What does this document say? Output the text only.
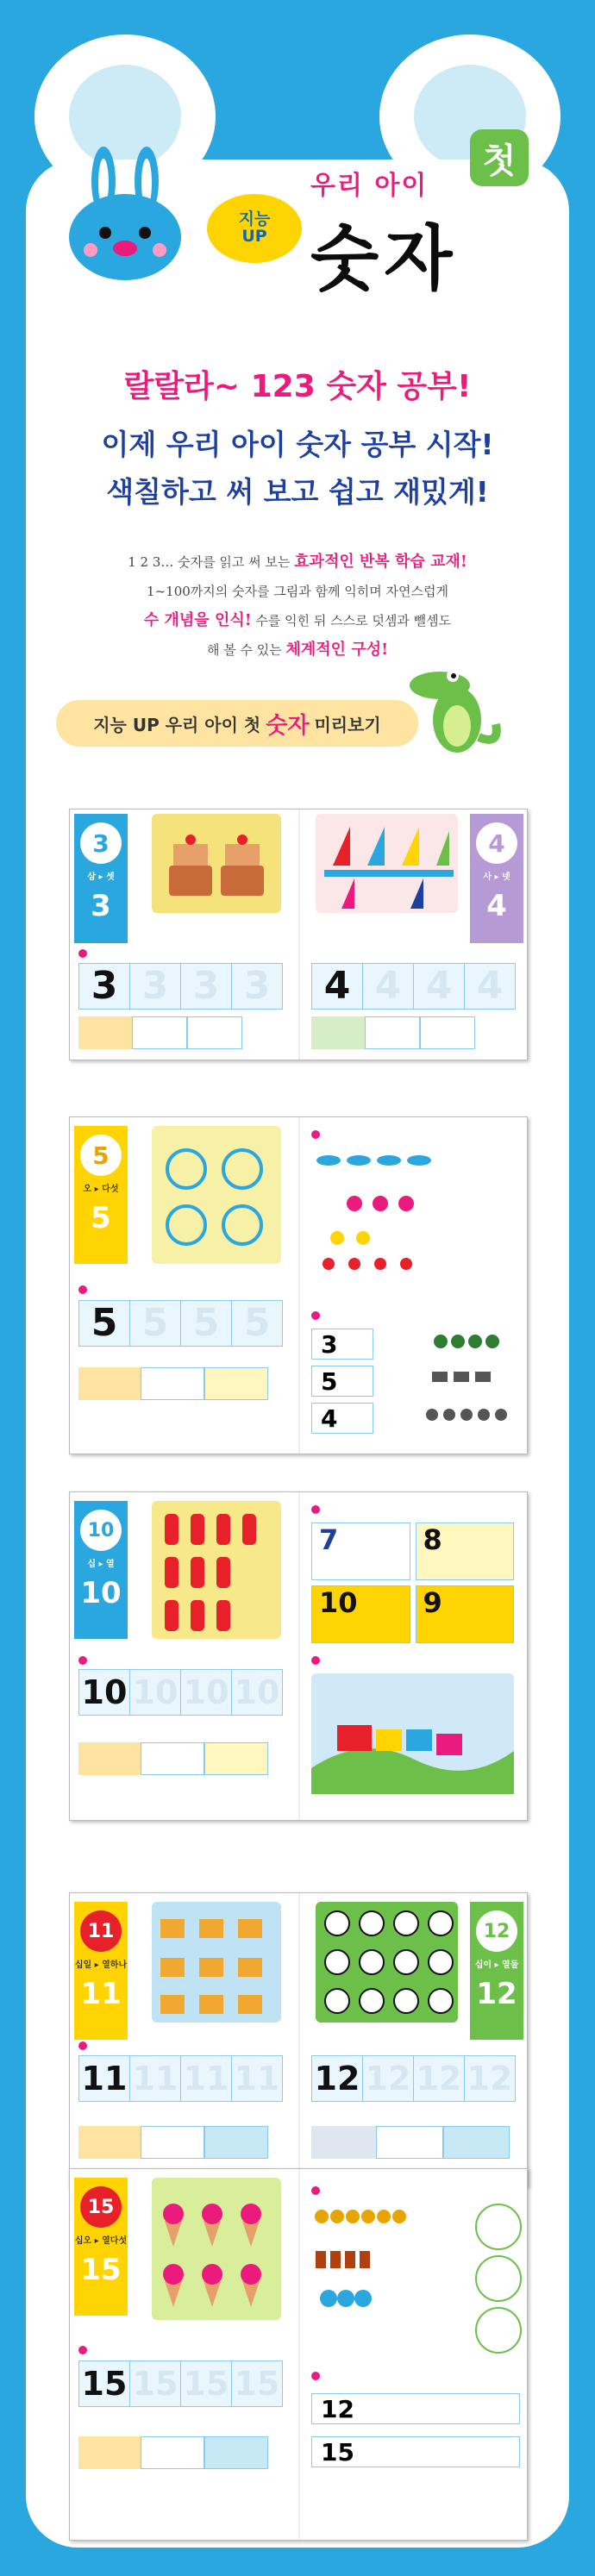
지능
UP
우리 아이
첫
숫자
랄랄라~ 123 숫자 공부!
이제 우리 아이 숫자 공부 시작!
색칠하고 써 보고 쉽고 재밌게!
1 2 3… 숫자를 읽고 써 보는 효과적인 반복 학습 교재!
1~100까지의 숫자를 그림과 함께 익히며 자연스럽게
수 개념을 인식! 수를 익힌 뒤 스스로 덧셈과 뺄셈도
해 볼 수 있는 체계적인 구성!
지능 UP 우리 아이 첫 숫자 미리보기
3
삼 ▸ 셋
3
4
사 ▸ 넷
4
3 3 3 3	4 4 4 4
5
오 ▸ 다섯
5
5 5 5 5	3
5
4
10
십 ▸ 열
10
10 10 10 10
7	8
10	9
11
십일 ▸ 열하나
11
12
십이 ▸ 열둘
12
11 11 11 11 12 12 12 12
15
십오 ▸ 열다섯
15
15 15 15 15
12
15
